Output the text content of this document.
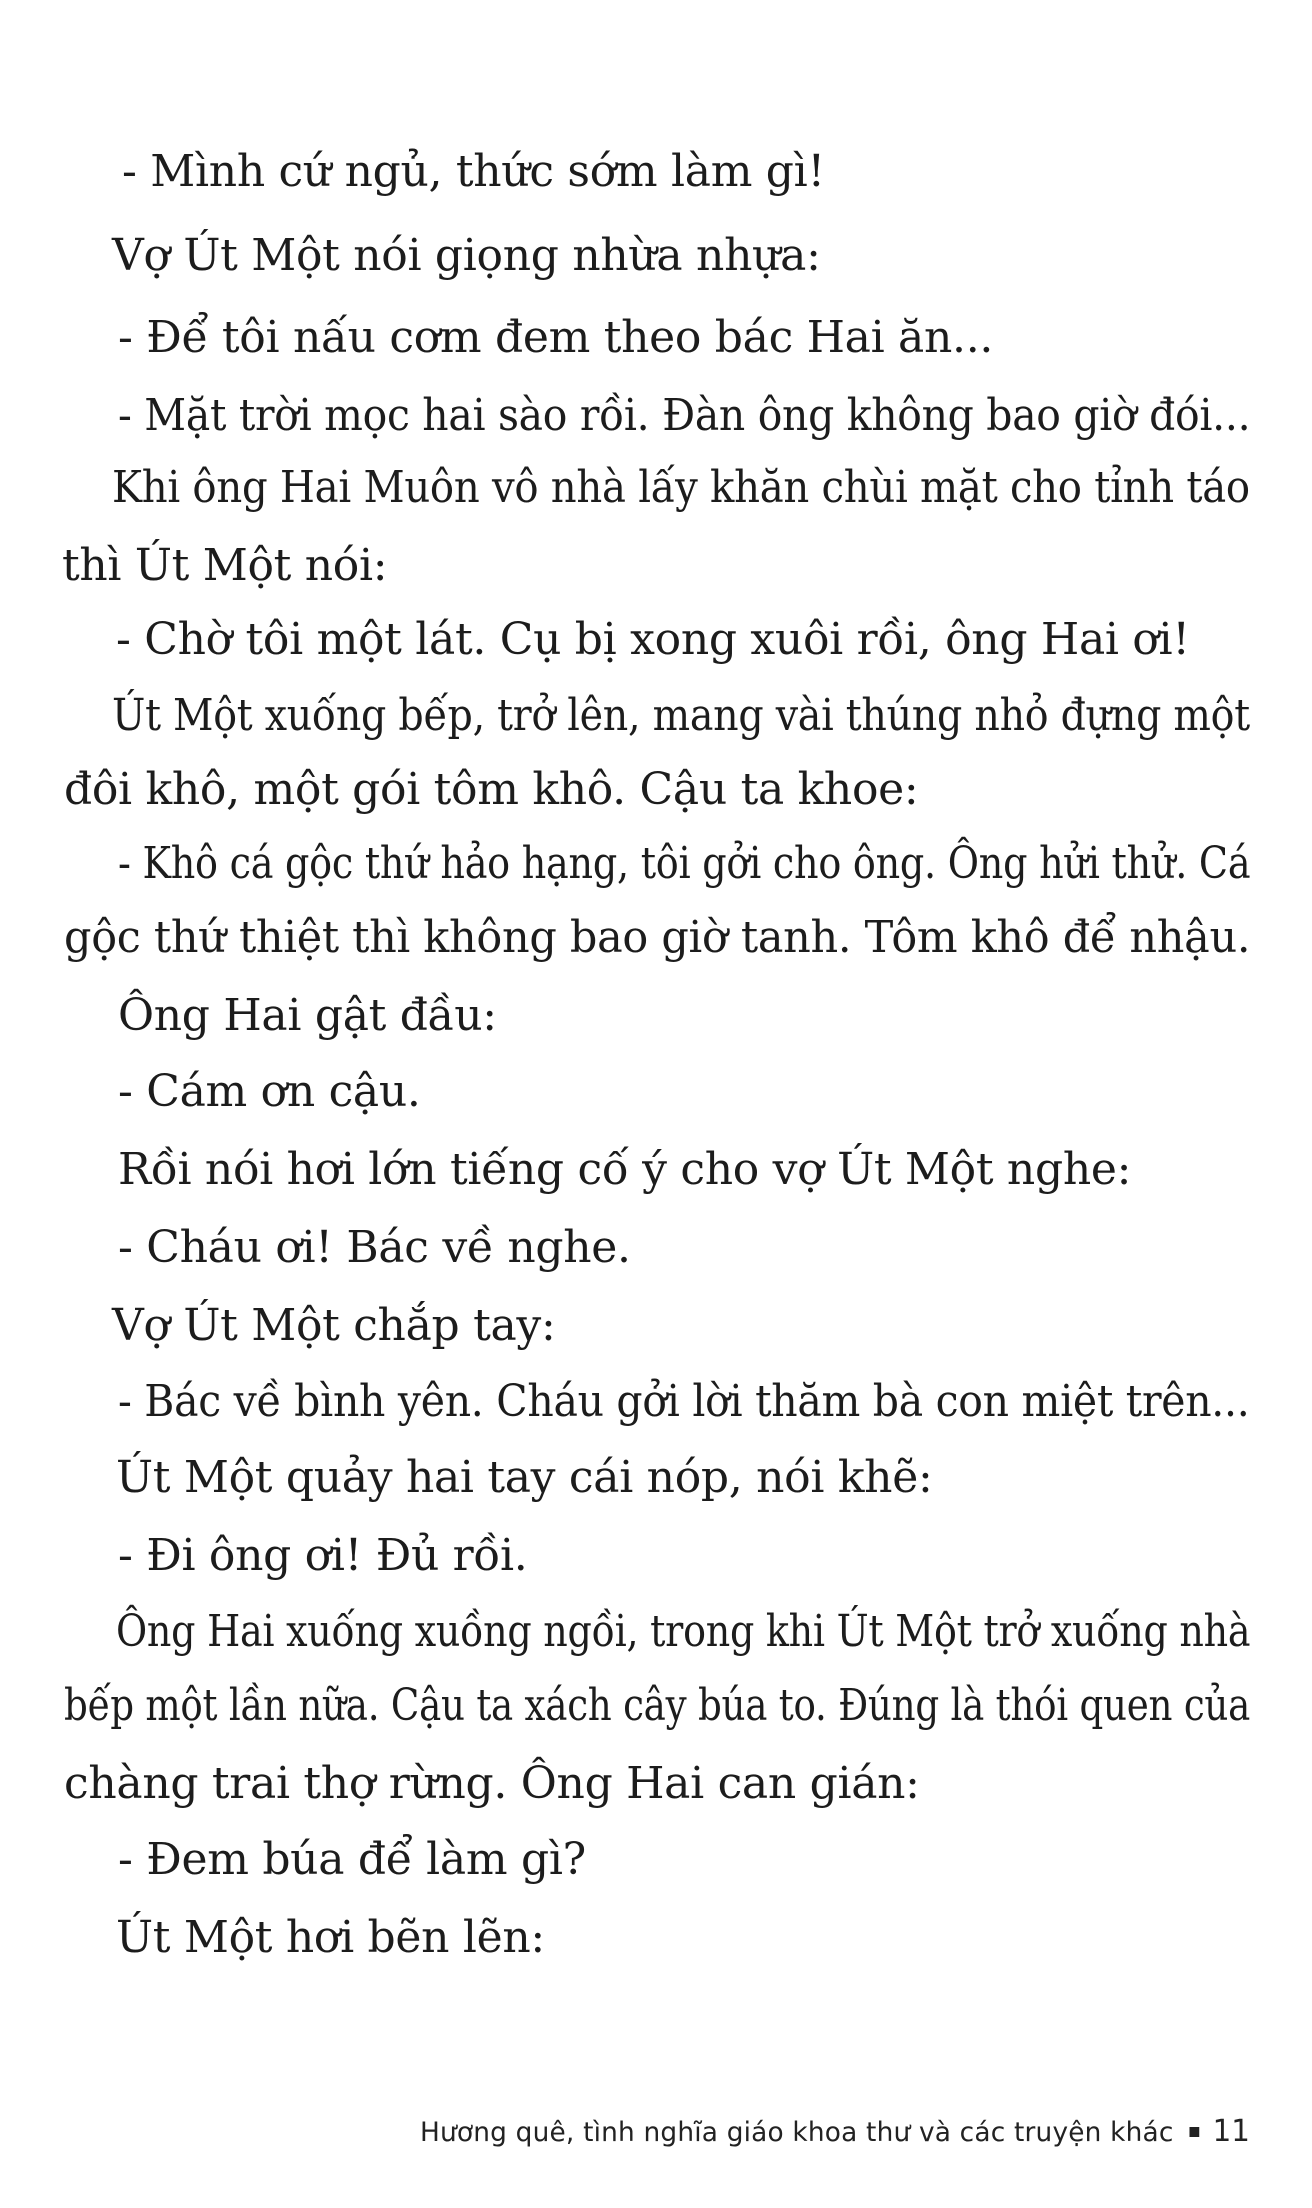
- Mình cứ ngủ, thức sớm làm gì!
Vợ Út Một nói giọng nhừa nhựa:
- Để tôi nấu cơm đem theo bác Hai ăn...
- Mặt trời mọc hai sào rồi. Đàn ông không bao giờ đói...
Khi ông Hai Muôn vô nhà lấy khăn chùi mặt cho tỉnh táo
thì Út Một nói:
- Chờ tôi một lát. Cụ bị xong xuôi rồi, ông Hai ơi!
Út Một xuống bếp, trở lên, mang vài thúng nhỏ đựng một
đôi khô, một gói tôm khô. Cậu ta khoe:
- Khô cá gộc thứ hảo hạng, tôi gởi cho ông. Ông hửi thử. Cá
gộc thứ thiệt thì không bao giờ tanh. Tôm khô để nhậu.
Ông Hai gật đầu:
- Cám ơn cậu.
Rồi nói hơi lớn tiếng cố ý cho vợ Út Một nghe:
- Cháu ơi! Bác về nghe.
Vợ Út Một chắp tay:
- Bác về bình yên. Cháu gởi lời thăm bà con miệt trên...
Út Một quảy hai tay cái nóp, nói khẽ:
- Đi ông ơi! Đủ rồi.
Ông Hai xuống xuồng ngồi, trong khi Út Một trở xuống nhà
bếp một lần nữa. Cậu ta xách cây búa to. Đúng là thói quen của
chàng trai thợ rừng. Ông Hai can gián:
- Đem búa để làm gì?
Út Một hơi bẽn lẽn:
Hương quê, tình nghĩa giáo khoa thư và các truyện khác 11
